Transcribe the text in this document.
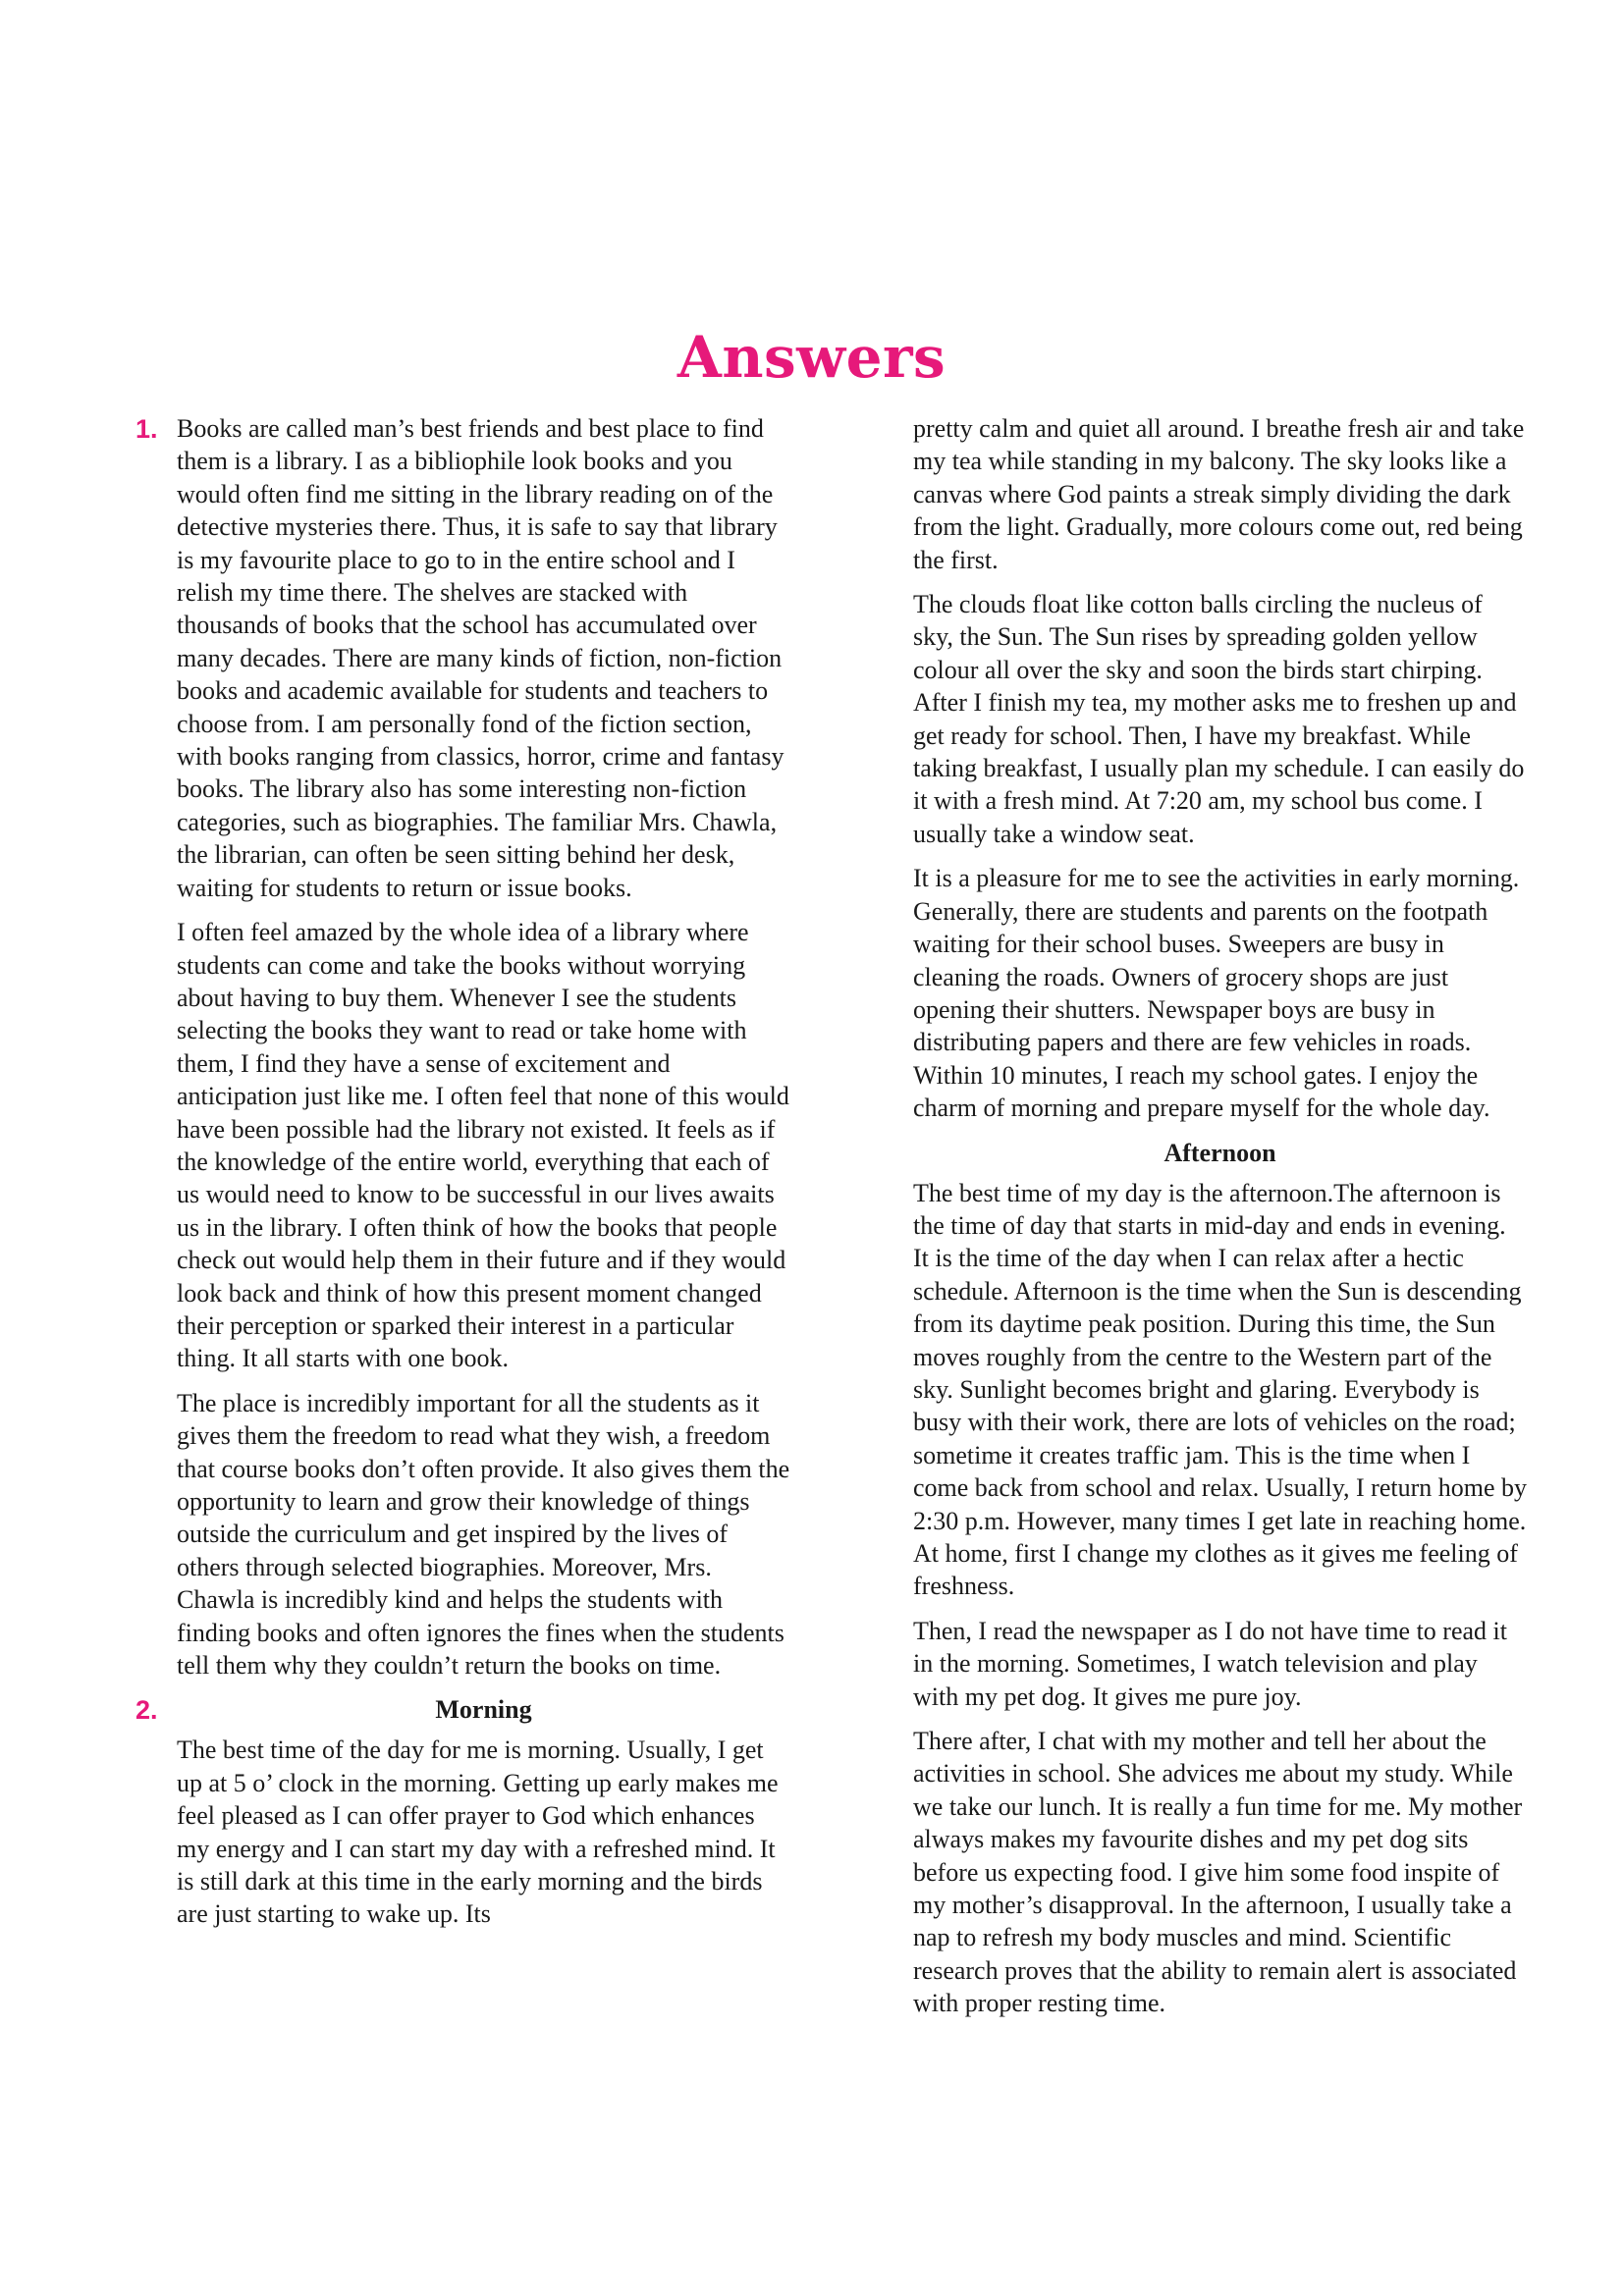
Answers
1. Books are called man’s best friends and best place to find them is a library. I as a bibliophile look books and you would often find me sitting in the library reading on of the detective mysteries there. Thus, it is safe to say that library is my favourite place to go to in the entire school and I relish my time there. The shelves are stacked with thousands of books that the school has accumulated over many decades. There are many kinds of fiction, non-fiction books and academic available for students and teachers to choose from. I am personally fond of the fiction section, with books ranging from classics, horror, crime and fantasy books. The library also has some interesting non-fiction categories, such as biographies. The familiar Mrs. Chawla, the librarian, can often be seen sitting behind her desk, waiting for students to return or issue books.

I often feel amazed by the whole idea of a library where students can come and take the books without worrying about having to buy them. Whenever I see the students selecting the books they want to read or take home with them, I find they have a sense of excitement and anticipation just like me. I often feel that none of this would have been possible had the library not existed. It feels as if the knowledge of the entire world, everything that each of us would need to know to be successful in our lives awaits us in the library. I often think of how the books that people check out would help them in their future and if they would look back and think of how this present moment changed their perception or sparked their interest in a particular thing. It all starts with one book.

The place is incredibly important for all the students as it gives them the freedom to read what they wish, a freedom that course books don’t often provide. It also gives them the opportunity to learn and grow their knowledge of things outside the curriculum and get inspired by the lives of others through selected biographies. Moreover, Mrs. Chawla is incredibly kind and helps the students with finding books and often ignores the fines when the students tell them why they couldn’t return the books on time.

2.	Morning

The best time of the day for me is morning. Usually, I get up at 5 o’ clock in the morning. Getting up early makes me feel pleased as I can offer prayer to God which enhances my energy and I can start my day with a refreshed mind. It is still dark at this time in the early morning and the birds are just starting to wake up. Its

pretty calm and quiet all around. I breathe fresh air and take my tea while standing in my balcony. The sky looks like a canvas where God paints a streak simply dividing the dark from the light. Gradually, more colours come out, red being the first.

The clouds float like cotton balls circling the nucleus of sky, the Sun. The Sun rises by spreading golden yellow colour all over the sky and soon the birds start chirping. After I finish my tea, my mother asks me to freshen up and get ready for school. Then, I have my breakfast. While taking breakfast, I usually plan my schedule. I can easily do it with a fresh mind. At 7:20 am, my school bus come. I usually take a window seat.

It is a pleasure for me to see the activities in early morning. Generally, there are students and parents on the footpath waiting for their school buses. Sweepers are busy in cleaning the roads. Owners of grocery shops are just opening their shutters. Newspaper boys are busy in distributing papers and there are few vehicles in roads. Within 10 minutes, I reach my school gates. I enjoy the charm of morning and prepare myself for the whole day.

Afternoon

The best time of my day is the afternoon.The afternoon is the time of day that starts in mid-day and ends in evening. It is the time of the day when I can relax after a hectic schedule. Afternoon is the time when the Sun is descending from its daytime peak position. During this time, the Sun moves roughly from the centre to the Western part of the sky. Sunlight becomes bright and glaring. Everybody is busy with their work, there are lots of vehicles on the road; sometime it creates traffic jam. This is the time when I come back from school and relax. Usually, I return home by 2:30 p.m. However, many times I get late in reaching home. At home, first I change my clothes as it gives me feeling of freshness.

Then, I read the newspaper as I do not have time to read it in the morning. Sometimes, I watch television and play with my pet dog. It gives me pure joy.

There after, I chat with my mother and tell her about the activities in school. She advices me about my study. While we take our lunch. It is really a fun time for me. My mother always makes my favourite dishes and my pet dog sits before us expecting food. I give him some food inspite of my mother’s disapproval. In the afternoon, I usually take a nap to refresh my body muscles and mind. Scientific research proves that the ability to remain alert is associated with proper resting time.
